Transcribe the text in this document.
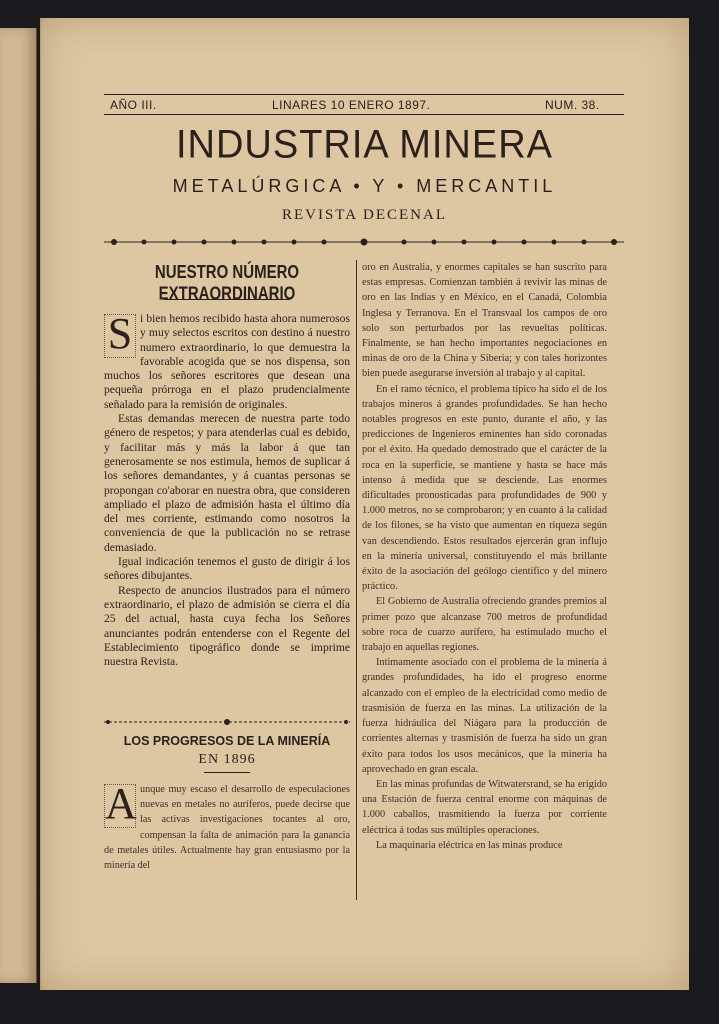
AÑO III.	LINARES 10 ENERO 1897.	NUM. 38.
INDUSTRIA MINERA
METALÚRGICA • Y • MERCANTIL
REVISTA DECENAL
NUESTRO NÚMERO EXTRAORDINARIO

S i bien hemos recibido hasta ahora numerosos y muy selectos escritos con destino á nuestro numero extraordinario, lo que demuestra la favorable acogida que se nos dispensa, son muchos los señores escritores que desean una pequeña prórroga en el plazo prudencialmente señalado para la remisión de originales.

Estas demandas merecen de nuestra parte todo género de respetos; y para atenderlas cual es debido, y facilitar más y más la labor á que tan generosamente se nos estimula, hemos de suplicar á los señores demandantes, y á cuantas personas se propongan co'aborar en nuestra obra, que consideren ampliado el plazo de admisión hasta el último día del mes corriente, estimando como nosotros la conveniencia de que la publicación no se retrase demasiado.

Igual indicación tenemos el gusto de dirigir á los señores dibujantes.

Respecto de anuncios ilustrados para el número extraordinario, el plazo de admisión se cierra el día 25 del actual, hasta cuya fecha los Señores anunciantes podrán entenderse con el Regente del Establecimiento tipográfico donde se imprime nuestra Revista.

LOS PROGRESOS DE LA MINERÍA
EN 1896

A unque muy escaso el desarrollo de especulaciones nuevas en metales no auríferos, puede decirse que las activas investigaciones tocantes al oro, compensan la falta de animación para la ganancia de metales útiles. Actualmente hay gran entusiasmo por la minería del

oro en Australia, y enormes capitales se han suscrito para estas empresas. Comienzan también á revivir las minas de oro en las Indias y en México, en el Canadá, Colombia Inglesa y Terranova. En el Transvaal los campos de oro solo son perturbados por las revueltas políticas. Finalmente, se han hecho importantes negociaciones en minas de oro de la China y Siberia; y con tales horizontes bien puede asegurarse inversión al trabajo y al capital.

En el ramo técnico, el problema típico ha sido el de los trabajos mineros á grandes profundidades. Se han hecho notables progresos en este punto, durante el año, y las predicciones de Ingenieros eminentes han sido coronadas por el éxito. Ha quedado demostrado que el carácter de la roca en la superficie, se mantiene y hasta se hace más intenso á medida que se desciende. Las enormes dificultades pronosticadas para profundidades de 900 y 1.000 metros, no se comprobaron; y en cuanto á la calidad de los filones, se ha visto que aumentan en riqueza según van descendiendo. Estos resultados ejercerán gran influjo en la minería universal, constituyendo el más brillante éxito de la asociación del geólogo científico y del minero práctico.

El Gobierno de Australia ofreciendo grandes premios al primer pozo que alcanzase 700 metros de profundidad sobre roca de cuarzo aurífero, ha estimulado mucho el trabajo en aquellas regiones.

Intimamente asociado con el problema de la minería á grandes profundidades, ha ido el progreso enorme alcanzado con el empleo de la electricidad como medio de trasmisión de fuerza en las minas. La utilización de la fuerza hidráulica del Niágara para la producción de corrientes alternas y trasmisión de fuerza ha sido un gran éxito para todos los usos mecánicos, que la minería ha aprovechado en gran escala.

En las minas profundas de Witwatersrand, se ha erigido una Estación de fuerza central enorme con máquinas de 1.000 caballos, trasmitiendo la fuerza por corriente eléctrica á todas sus múltiples operaciones.

La maquinaria eléctrica en las minas produce
